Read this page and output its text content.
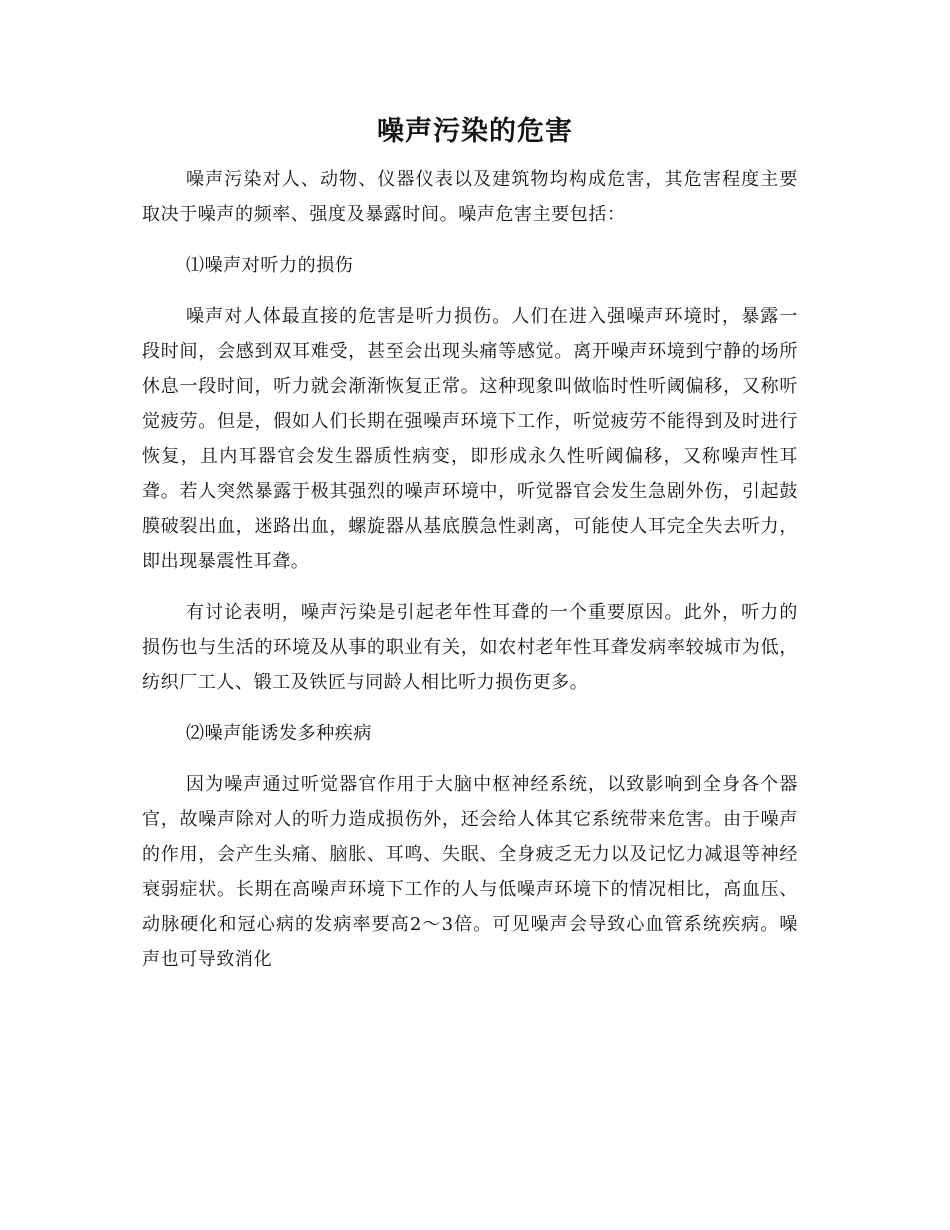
噪声污染的危害

噪声污染对人、动物、仪器仪表以及建筑物均构成危害，其危害程度主要取决于噪声的频率、强度及暴露时间。噪声危害主要包括：

⑴噪声对听力的损伤

噪声对人体最直接的危害是听力损伤。人们在进入强噪声环境时，暴露一段时间，会感到双耳难受，甚至会出现头痛等感觉。离开噪声环境到宁静的场所休息一段时间，听力就会渐渐恢复正常。这种现象叫做临时性听阈偏移，又称听觉疲劳。但是，假如人们长期在强噪声环境下工作，听觉疲劳不能得到及时进行恢复，且内耳器官会发生器质性病变，即形成永久性听阈偏移，又称噪声性耳聋。若人突然暴露于极其强烈的噪声环境中，听觉器官会发生急剧外伤，引起鼓膜破裂出血，迷路出血，螺旋器从基底膜急性剥离，可能使人耳完全失去听力，即出现暴震性耳聋。

有讨论表明，噪声污染是引起老年性耳聋的一个重要原因。此外，听力的损伤也与生活的环境及从事的职业有关，如农村老年性耳聋发病率较城市为低，纺织厂工人、锻工及铁匠与同龄人相比听力损伤更多。

⑵噪声能诱发多种疾病

因为噪声通过听觉器官作用于大脑中枢神经系统，以致影响到全身各个器官，故噪声除对人的听力造成损伤外，还会给人体其它系统带来危害。由于噪声的作用，会产生头痛、脑胀、耳鸣、失眠、全身疲乏无力以及记忆力减退等神经衰弱症状。长期在高噪声环境下工作的人与低噪声环境下的情况相比，高血压、动脉硬化和冠心病的发病率要高2～3倍。可见噪声会导致心血管系统疾病。噪声也可导致消化
